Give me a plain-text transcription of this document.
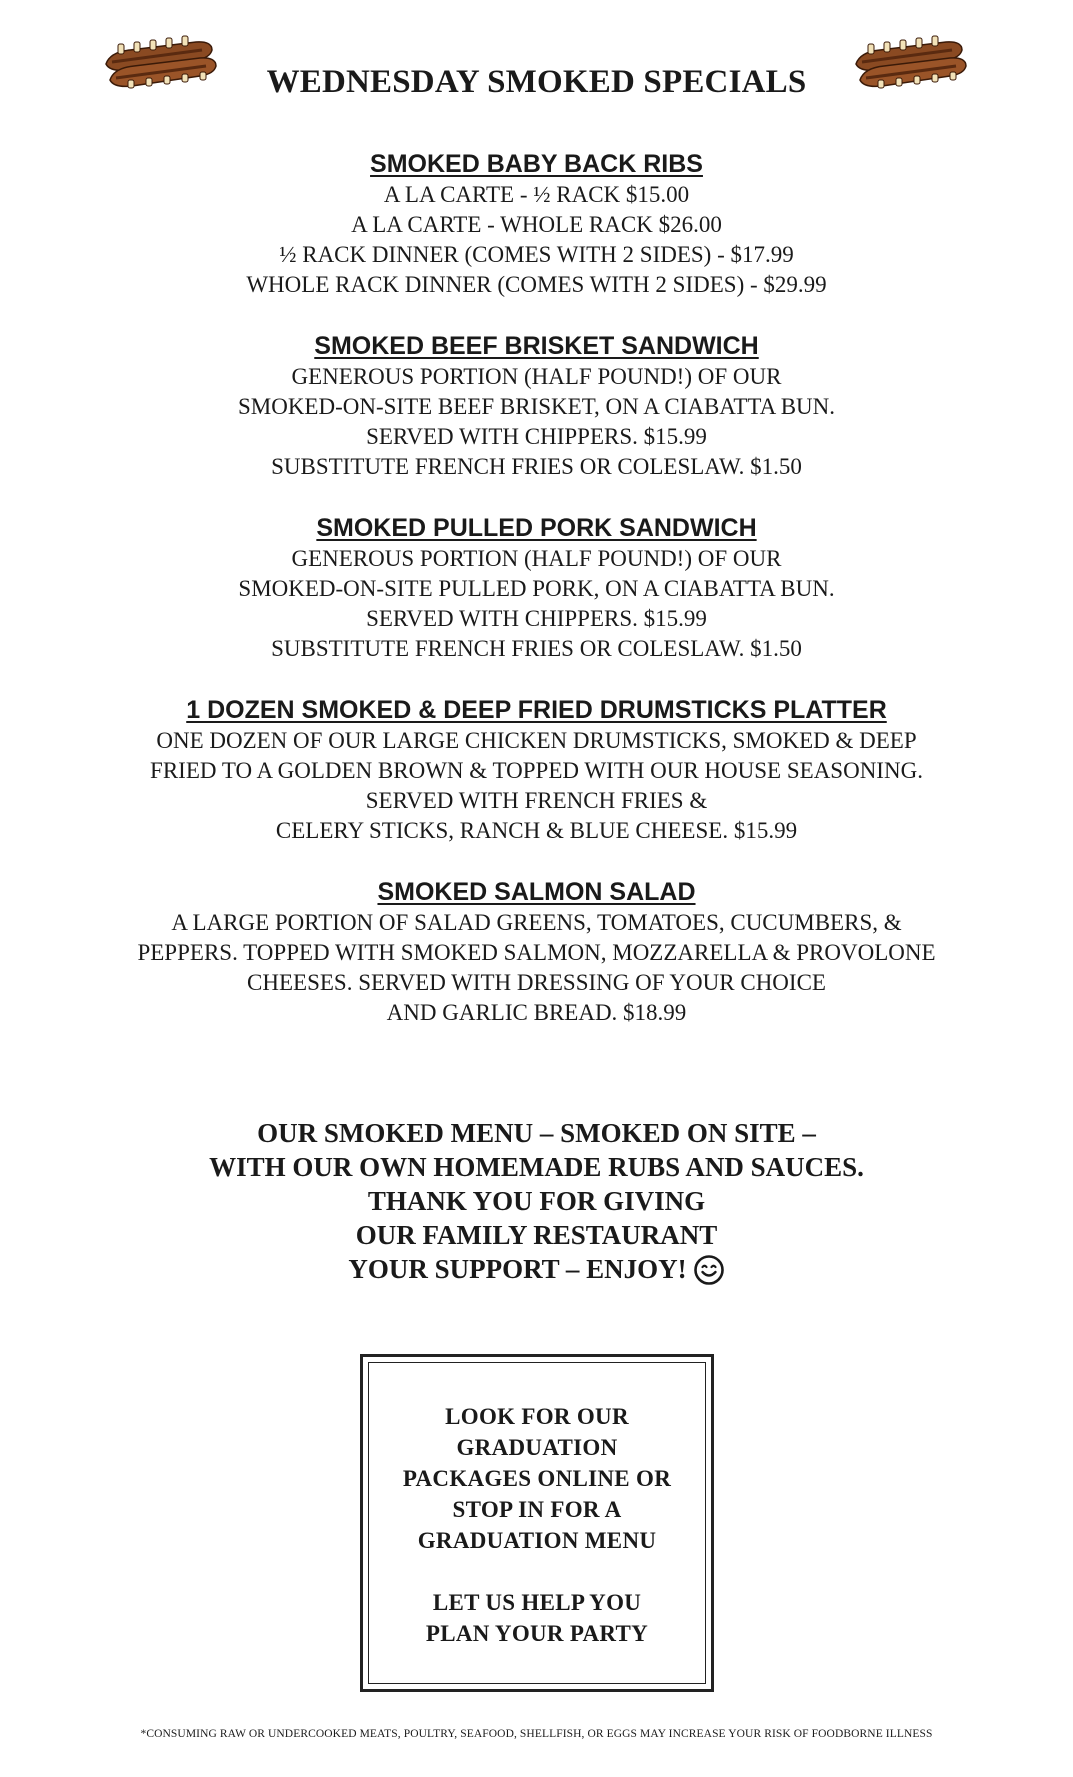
WEDNESDAY SMOKED SPECIALS

SMOKED BABY BACK RIBS

A LA CARTE - ½ RACK $15.00

A LA CARTE - WHOLE RACK $26.00

½ RACK DINNER (COMES WITH 2 SIDES) - $17.99

WHOLE RACK DINNER (COMES WITH 2 SIDES) - $29.99

SMOKED BEEF BRISKET SANDWICH

GENEROUS PORTION (HALF POUND!) OF OUR

SMOKED-ON-SITE BEEF BRISKET, ON A CIABATTA BUN.

SERVED WITH CHIPPERS. $15.99

SUBSTITUTE FRENCH FRIES OR COLESLAW. $1.50

SMOKED PULLED PORK SANDWICH

GENEROUS PORTION (HALF POUND!) OF OUR

SMOKED-ON-SITE PULLED PORK, ON A CIABATTA BUN.

SERVED WITH CHIPPERS. $15.99

SUBSTITUTE FRENCH FRIES OR COLESLAW. $1.50

1 DOZEN SMOKED & DEEP FRIED DRUMSTICKS PLATTER

ONE DOZEN OF OUR LARGE CHICKEN DRUMSTICKS, SMOKED & DEEP

FRIED TO A GOLDEN BROWN & TOPPED WITH OUR HOUSE SEASONING.

SERVED WITH FRENCH FRIES &

CELERY STICKS, RANCH & BLUE CHEESE. $15.99

SMOKED SALMON SALAD

A LARGE PORTION OF SALAD GREENS, TOMATOES, CUCUMBERS, &

PEPPERS. TOPPED WITH SMOKED SALMON, MOZZARELLA & PROVOLONE

CHEESES. SERVED WITH DRESSING OF YOUR CHOICE

AND GARLIC BREAD. $18.99

OUR SMOKED MENU – SMOKED ON SITE –

WITH OUR OWN HOMEMADE RUBS AND SAUCES.

THANK YOU FOR GIVING

OUR FAMILY RESTAURANT

YOUR SUPPORT – ENJOY!

LOOK FOR OUR

GRADUATION

PACKAGES ONLINE OR

STOP IN FOR A

GRADUATION MENU

LET US HELP YOU

PLAN YOUR PARTY

*CONSUMING RAW OR UNDERCOOKED MEATS, POULTRY, SEAFOOD, SHELLFISH, OR EGGS MAY INCREASE YOUR RISK OF FOODBORNE ILLNESS
